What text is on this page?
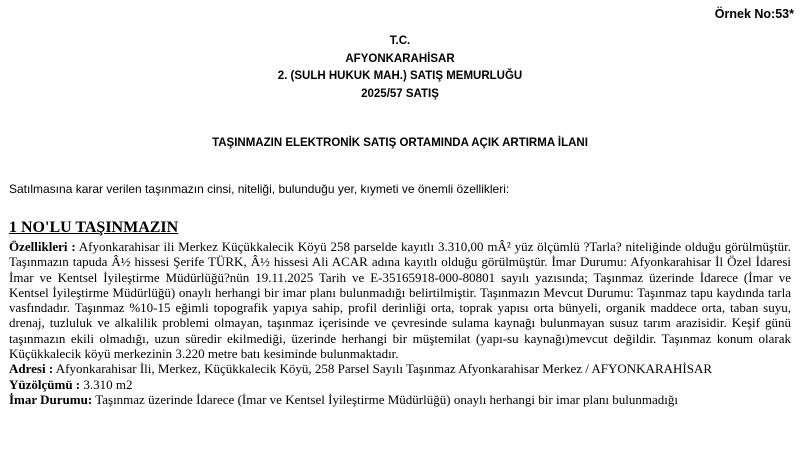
Örnek No:53*
T.C.
AFYONKARAHİSAR
2. (SULH HUKUK MAH.) SATIŞ MEMURLUĞU
2025/57 SATIŞ
TAŞINMAZIN ELEKTRONİK SATIŞ ORTAMINDA AÇIK ARTIRMA İLANI
Satılmasına karar verilen taşınmazın cinsi, niteliği, bulunduğu yer, kıymeti ve önemli özellikleri:
1 NO'LU TAŞINMAZIN

Özellikleri : Afyonkarahisar ili Merkez Küçükkalecik Köyü 258 parselde kayıtlı 3.310,00 mÂ² yüz ölçümlü ?Tarla? niteliğinde olduğu görülmüştür. Taşınmazın tapuda Â½ hissesi Şerife TÜRK, Â½ hissesi Ali ACAR adına kayıtlı olduğu görülmüştür. İmar Durumu: Afyonkarahisar İl Özel İdaresi İmar ve Kentsel İyileştirme Müdürlüğü?nün 19.11.2025 Tarih ve E-35165918-000-80801 sayılı yazısında; Taşınmaz üzerinde İdarece (İmar ve Kentsel İyileştirme Müdürlüğü) onaylı herhangi bir imar planı bulunmadığı belirtilmiştir. Taşınmazın Mevcut Durumu: Taşınmaz tapu kaydında tarla vasfındadır. Taşınmaz %10-15 eğimli topografik yapıya sahip, profil derinliği orta, toprak yapısı orta bünyeli, organik maddece orta, taban suyu, drenaj, tuzluluk ve alkalilik problemi olmayan, taşınmaz içerisinde ve çevresinde sulama kaynağı bulunmayan susuz tarım arazisidir. Keşif günü taşınmazın ekili olmadığı, uzun süredir ekilmediği, üzerinde herhangi bir müştemilat (yapı-su kaynağı)mevcut değildir. Taşınmaz konum olarak Küçükkalecik köyü merkezinin 3.220 metre batı kesiminde bulunmaktadır.

Adresi : Afyonkarahisar İli, Merkez, Küçükkalecik Köyü, 258 Parsel Sayılı Taşınmaz Afyonkarahisar Merkez / AFYONKARAHİSAR

Yüzölçümü : 3.310 m2

İmar Durumu: Taşınmaz üzerinde İdarece (İmar ve Kentsel İyileştirme Müdürlüğü) onaylı herhangi bir imar planı bulunmadığı
